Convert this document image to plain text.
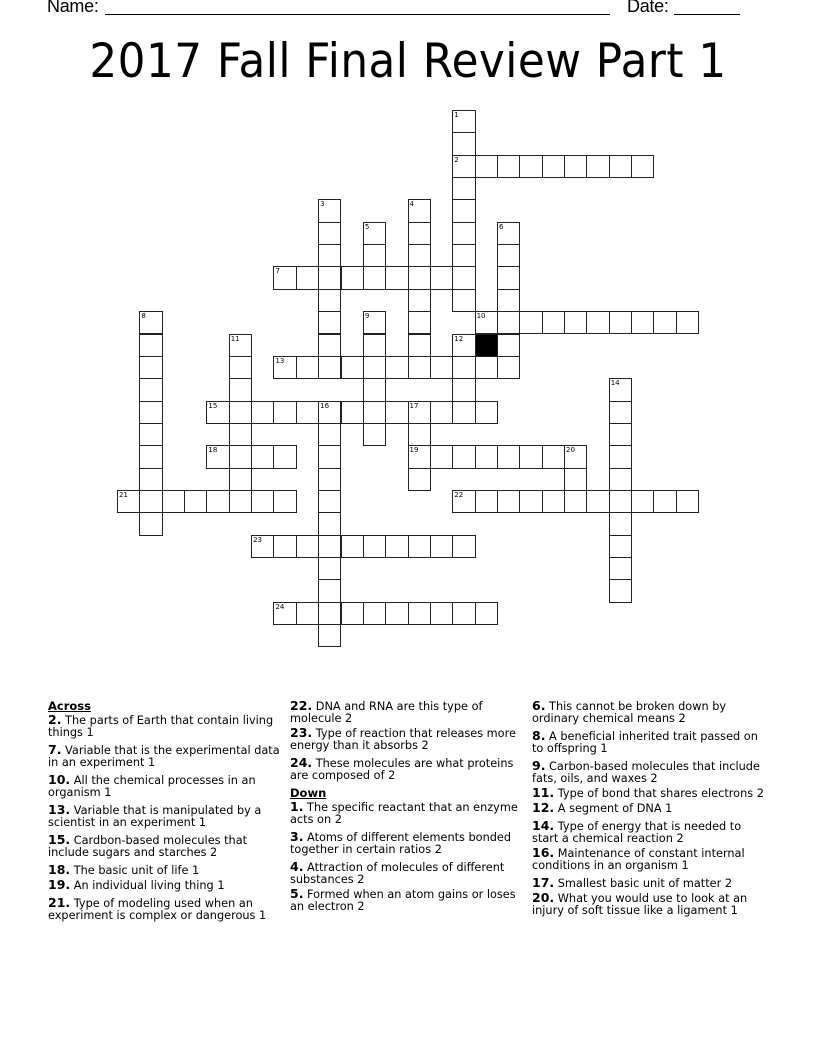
Name:	Date:
2017 Fall Final Review Part 1
2
7
10
13
15	16	17
18	19	20
21	22
23
24
1
3	4
5	6
8	9
11	12
14
Across
2. The parts of Earth that contain living things 1
7. Variable that is the experimental data in an experiment 1
10. All the chemical processes in an organism 1
13. Variable that is manipulated by a scientist in an experiment 1
15. Cardbon-based molecules that include sugars and starches 2
18. The basic unit of life 1
19. An individual living thing 1
21. Type of modeling used when an experiment is complex or dangerous 1
22. DNA and RNA are this type of molecule 2
23. Type of reaction that releases more energy than it absorbs 2
24. These molecules are what proteins are composed of 2
Down
1. The specific reactant that an enzyme acts on 2
3. Atoms of different elements bonded together in certain ratios 2
4. Attraction of molecules of different substances 2
5. Formed when an atom gains or loses an electron 2
6. This cannot be broken down by ordinary chemical means 2
8. A beneficial inherited trait passed on to offspring 1
9. Carbon-based molecules that include fats, oils, and waxes 2
11. Type of bond that shares electrons 2
12. A segment of DNA 1
14. Type of energy that is needed to start a chemical reaction 2
16. Maintenance of constant internal conditions in an organism 1
17. Smallest basic unit of matter 2
20. What you would use to look at an injury of soft tissue like a ligament 1
